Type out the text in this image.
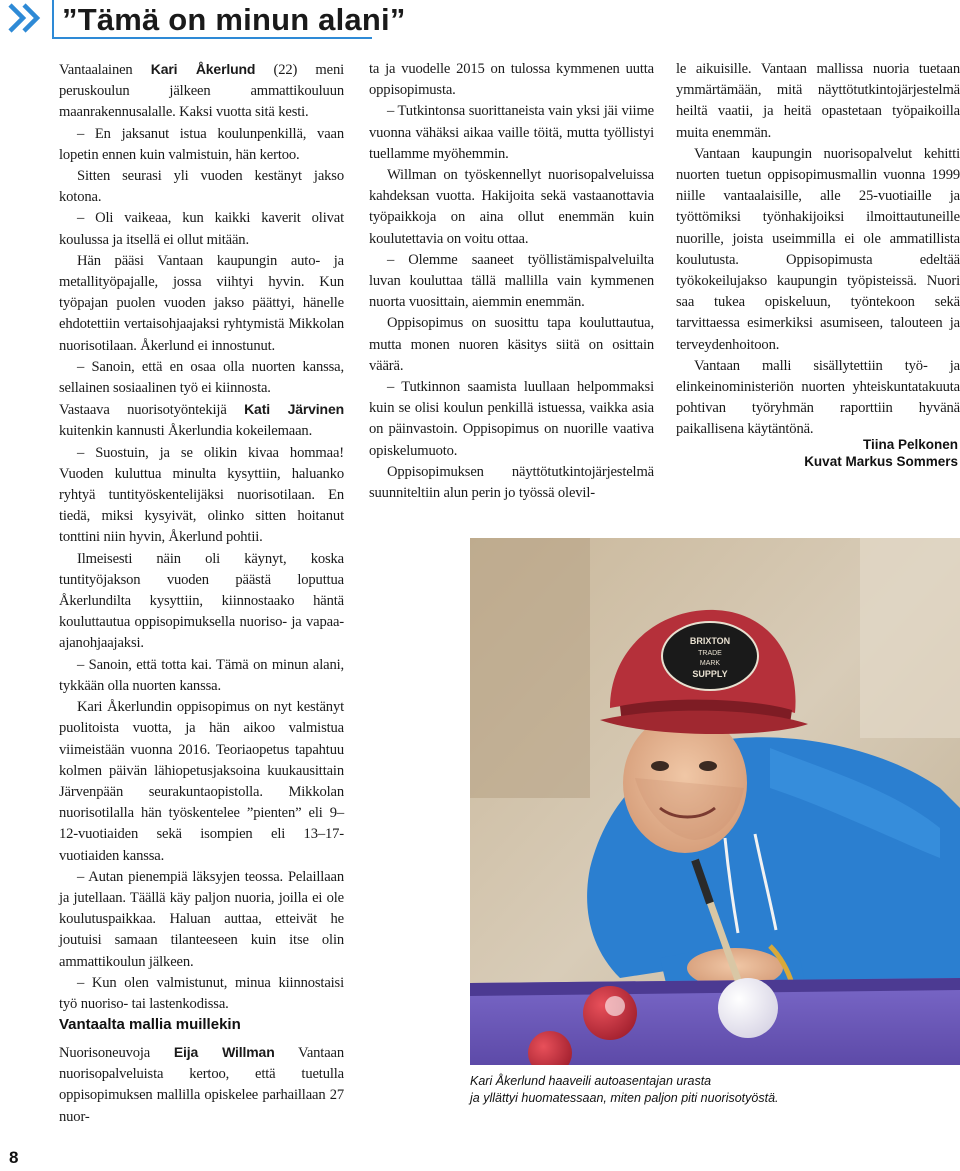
”Tämä on minun alani”

Vantaalainen Kari Åkerlund (22) meni peruskoulun jälkeen ammattikouluun maanrakennusalalle. Kaksi vuotta sitä kesti.

– En jaksanut istua koulunpenkillä, vaan lopetin ennen kuin valmistuin, hän kertoo.

Sitten seurasi yli vuoden kestänyt jakso kotona.

– Oli vaikeaa, kun kaikki kaverit olivat koulussa ja itsellä ei ollut mitään.

Hän pääsi Vantaan kaupungin auto- ja metallityöpajalle, jossa viihtyi hyvin. Kun työpajan puolen vuoden jakso päättyi, hänelle ehdotettiin vertaisohjaajaksi ryhtymistä Mikkolan nuorisotilaan. Åkerlund ei innostunut.

– Sanoin, että en osaa olla nuorten kanssa, sellainen sosiaalinen työ ei kiinnosta.

Vastaava nuorisotyöntekijä Kati Järvinen kuitenkin kannusti Åkerlundia kokeilemaan.

– Suostuin, ja se olikin kivaa hommaa! Vuoden kuluttua minulta kysyttiin, haluanko ryhtyä tuntityöskentelijäksi nuorisotilaan. En tiedä, miksi kysyivät, olinko sitten hoitanut tonttini niin hyvin, Åkerlund pohtii.

Ilmeisesti näin oli käynyt, koska tuntityöjakson vuoden päästä loputtua Åkerlundilta kysyttiin, kiinnostaako häntä kouluttautua oppisopimuksella nuoriso- ja vapaa-ajanohjaajaksi.

– Sanoin, että totta kai. Tämä on minun alani, tykkään olla nuorten kanssa.

Kari Åkerlundin oppisopimus on nyt kestänyt puolitoista vuotta, ja hän aikoo valmistua viimeistään vuonna 2016. Teoriaopetus tapahtuu kolmen päivän lähiopetusjaksoina kuukausittain Järvenpään seurakuntaopistolla. Mikkolan nuorisotilalla hän työskentelee ”pienten” eli 9–12-vuotiaiden sekä isompien eli 13–17-vuotiaiden kanssa.

– Autan pienempiä läksyjen teossa. Pelaillaan ja jutellaan. Täällä käy paljon nuoria, joilla ei ole koulutuspaikkaa. Haluan auttaa, etteivät he joutuisi samaan tilanteeseen kuin itse olin ammattikoulun jälkeen.

– Kun olen valmistunut, minua kiinnostaisi työ nuoriso- tai lastenkodissa.

Vantaalta mallia muillekin

Nuorisoneuvoja Eija Willman Vantaan nuorisopalveluista kertoo, että tuetulla oppisopimuksen mallilla opiskelee parhaillaan 27 nuor-

ta ja vuodelle 2015 on tulossa kymmenen uutta oppisopimusta.

– Tutkintonsa suorittaneista vain yksi jäi viime vuonna vähäksi aikaa vaille töitä, mutta työllistyi tuellamme myöhemmin.

Willman on työskennellyt nuorisopalveluissa kahdeksan vuotta. Hakijoita sekä vastaanottavia työpaikkoja on aina ollut enemmän kuin koulutettavia on voitu ottaa.

– Olemme saaneet työllistämispalveluilta luvan kouluttaa tällä mallilla vain kymmenen nuorta vuosittain, aiemmin enemmän.

Oppisopimus on suosittu tapa kouluttautua, mutta monen nuoren käsitys siitä on osittain väärä.

– Tutkinnon saamista luullaan helpommaksi kuin se olisi koulun penkillä istuessa, vaikka asia on päinvastoin. Oppisopimus on nuorille vaativa opiskelumuoto.

Oppisopimuksen näyttötutkintojärjestelmä suunniteltiin alun perin jo työssä olevil-

le aikuisille. Vantaan mallissa nuoria tuetaan ymmärtämään, mitä näyttötutkintojärjestelmä heiltä vaatii, ja heitä opastetaan työpaikoilla muita enemmän.

Vantaan kaupungin nuorisopalvelut kehitti nuorten tuetun oppisopimusmallin vuonna 1999 niille vantaalaisille, alle 25-vuotiaille ja työttömiksi työnhakijoiksi ilmoittautuneille nuorille, joista useimmilla ei ole ammatillista koulutusta. Oppisopimusta edeltää työkokeilujakso kaupungin työpisteissä. Nuori saa tukea opiskeluun, työntekoon sekä tarvittaessa esimerkiksi asumiseen, talouteen ja terveydenhoitoon.

Vantaan malli sisällytettiin työ- ja elinkeinoministeriön nuorten yhteiskuntatakuuta pohtivan työryhmän raporttiin hyvänä paikallisena käytäntönä.

Tiina Pelkonen
Kuvat Markus Sommers
BRIXTON
TRADE
MARK
SUPPLY
Kari Åkerlund haaveili autoasentajan urasta
ja yllättyi huomatessaan, miten paljon piti nuorisotyöstä.
8
